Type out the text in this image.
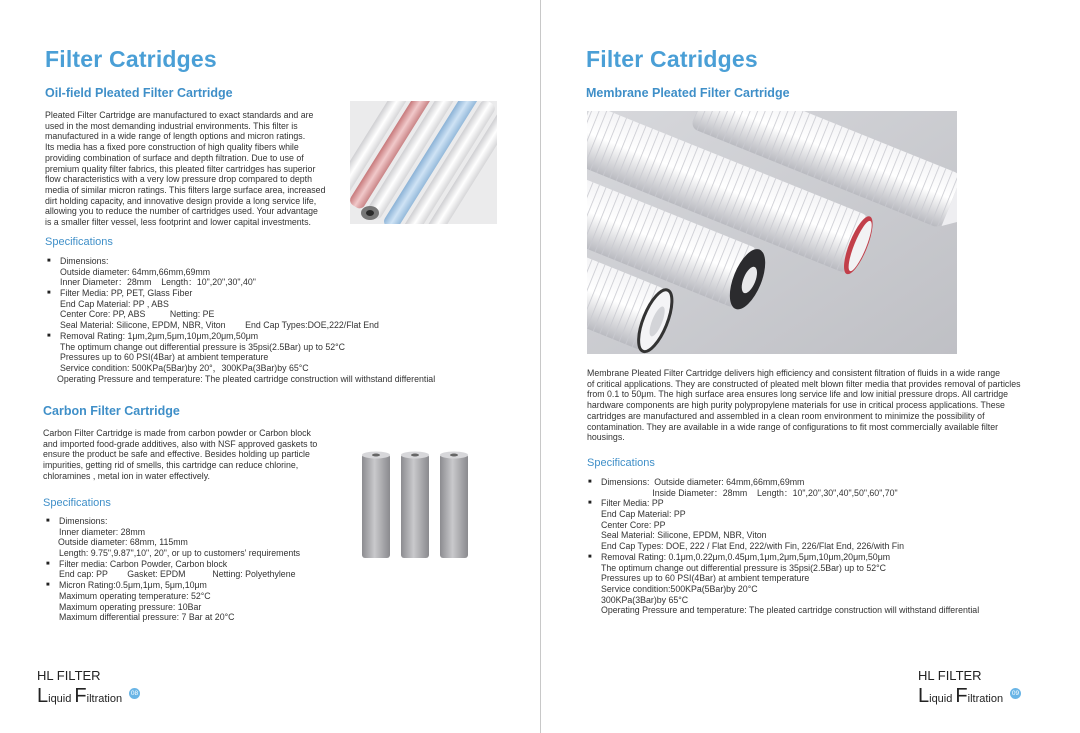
Filter Catridges
Oil-field Pleated Filter Cartridge
Pleated Filter Cartridge are manufactured to exact standards and are
used in the most demanding industrial environments. This filter is
manufactured in a wide range of length options and micron ratings.
Its media has a fixed pore construction of high quality fibers while
providing combination of surface and depth filtration. Due to use of
premium quality filter fabrics, this pleated filter cartridges has superior
flow characteristics with a very low pressure drop compared to depth
media of similar micron ratings. This filters large surface area, increased
dirt holding capacity, and innovative design provide a long service life,
allowing you to reduce the number of cartridges used. Your advantage
is a smaller filter vessel, less footprint and lower capital investments.
Specifications
■ Dimensions:
Outside diameter: 64mm,66mm,69mm
Inner Diameter：28mm    Length：10",20",30",40"
■ Filter Media: PP, PET, Glass Fiber
End Cap Material: PP , ABS
Center Core: PP, ABS          Netting: PE
Seal Material: Silicone, EPDM, NBR, Viton        End Cap Types:DOE,222/Flat End
■ Removal Rating: 1μm,2μm,5μm,10μm,20μm,50μm
The optimum change out differential pressure is 35psi(2.5Bar) up to 52°C
Pressures up to 60 PSI(4Bar) at ambient temperature
Service condition: 500KPa(5Bar)by 20°，300KPa(3Bar)by 65°C
Operating Pressure and temperature: The pleated cartridge construction will withstand differential
Carbon Filter Cartridge
Carbon Filter Cartridge is made from carbon powder or Carbon block
and imported food-grade additives, also with NSF approved gaskets to
ensure the product be safe and effective. Besides holding up particle
impurities, getting rid of smells, this cartridge can reduce chlorine,
chloramines , metal ion in water effectively.
Specifications
■ Dimensions:
Inner diameter: 28mm
Outside diameter: 68mm, 115mm
Length: 9.75",9.87",10", 20", or up to customers' requirements
■ Filter media: Carbon Powder, Carbon block
End cap: PP        Gasket: EPDM           Netting: Polyethylene
■ Micron Rating:0.5μm,1μm, 5μm,10μm
Maximum operating temperature: 52°C
Maximum operating pressure: 10Bar
Maximum differential pressure: 7 Bar at 20°C
HL FILTER
Liquid Filtration 08
Filter Catridges
Membrane Pleated Filter Cartridge
Membrane Pleated Filter Cartridge delivers high efficiency and consistent filtration of fluids in a wide range
of critical applications. They are constructed of pleated melt blown filter media that provides removal of particles
from 0.1 to 50μm. The high surface area ensures long service life and low initial pressure drops. All cartridge
hardware components are high purity polypropylene materials for use in critical process applications. These
cartridges are manufactured and assembled in a clean room environment to minimize the possibility of
contamination. They are available in a wide range of configurations to fit most commercially available filter
housings.
Specifications
■ Dimensions:  Outside diameter: 64mm,66mm,69mm
Inside Diameter：28mm    Length：10",20",30",40",50",60",70"
■ Filter Media: PP
End Cap Material: PP
Center Core: PP
Seal Material: Silicone, EPDM, NBR, Viton
End Cap Types: DOE, 222 / Flat End, 222/with Fin, 226/Flat End, 226/with Fin
■ Removal Rating: 0.1μm,0.22μm,0.45μm,1μm,2μm,5μm,10μm,20μm,50μm
The optimum change out differential pressure is 35psi(2.5Bar) up to 52°C
Pressures up to 60 PSI(4Bar) at ambient temperature
Service condition:500KPa(5Bar)by 20°C
300KPa(3Bar)by 65°C
Operating Pressure and temperature: The pleated cartridge construction will withstand differential
HL FILTER
Liquid Filtration 09
